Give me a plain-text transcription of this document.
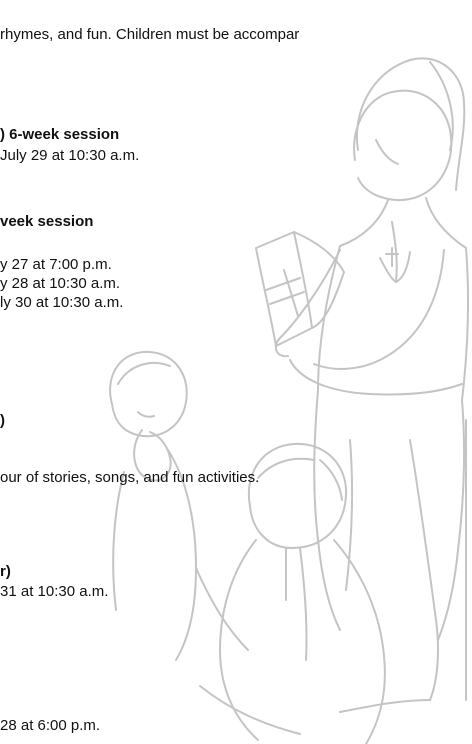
rhymes, and fun. Children must be accompar
) 6-week session
July 29 at 10:30 a.m.
veek session
y 27 at 7:00 p.m.
y 28 at 10:30 a.m.
ly 30 at 10:30 a.m.
)
our of stories, songs, and fun activities.
r)
31 at 10:30 a.m.
28 at 6:00 p.m.
